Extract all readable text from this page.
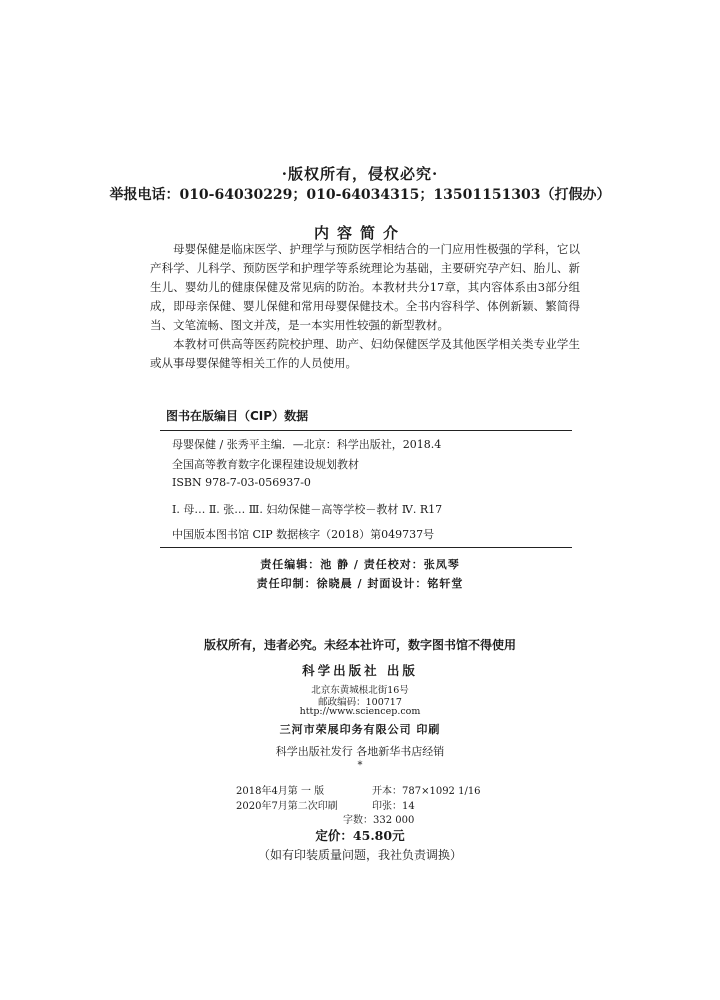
·版权所有，侵权必究·
举报电话：010-64030229；010-64034315；13501151303（打假办）
内容简介

母婴保健是临床医学、护理学与预防医学相结合的一门应用性极强的学科，它以产科学、儿科学、预防医学和护理学等系统理论为基础，主要研究孕产妇、胎儿、新生儿、婴幼儿的健康保健及常见病的防治。本教材共分17章，其内容体系由3部分组成，即母亲保健、婴儿保健和常用母婴保健技术。全书内容科学、体例新颖、繁简得当、文笔流畅、图文并茂，是一本实用性较强的新型教材。

本教材可供高等医药院校护理、助产、妇幼保健医学及其他医学相关类专业学生或从事母婴保健等相关工作的人员使用。

图书在版编目（CIP）数据
母婴保健 / 张秀平主编．—北京：科学出版社，2018.4
全国高等教育数字化课程建设规划教材
ISBN 978-7-03-056937-0
Ⅰ. 母… Ⅱ. 张… Ⅲ. 妇幼保健－高等学校－教材 Ⅳ. R17
中国版本图书馆 CIP 数据核字（2018）第049737号
责任编辑：池 静 / 责任校对：张凤琴
责任印制：徐晓晨 / 封面设计：铭轩堂
版权所有，违者必究。未经本社许可，数字图书馆不得使用
科学出版社 出版
北京东黄城根北街16号
邮政编码：100717
http://www.sciencep.com
三河市荣展印务有限公司 印刷
科学出版社发行 各地新华书店经销
*
2018年4月第 一 版	开本：787×1092 1/16
2020年7月第二次印刷	印张：14
字数：332 000
定价：45.80元
（如有印装质量问题，我社负责调换）
